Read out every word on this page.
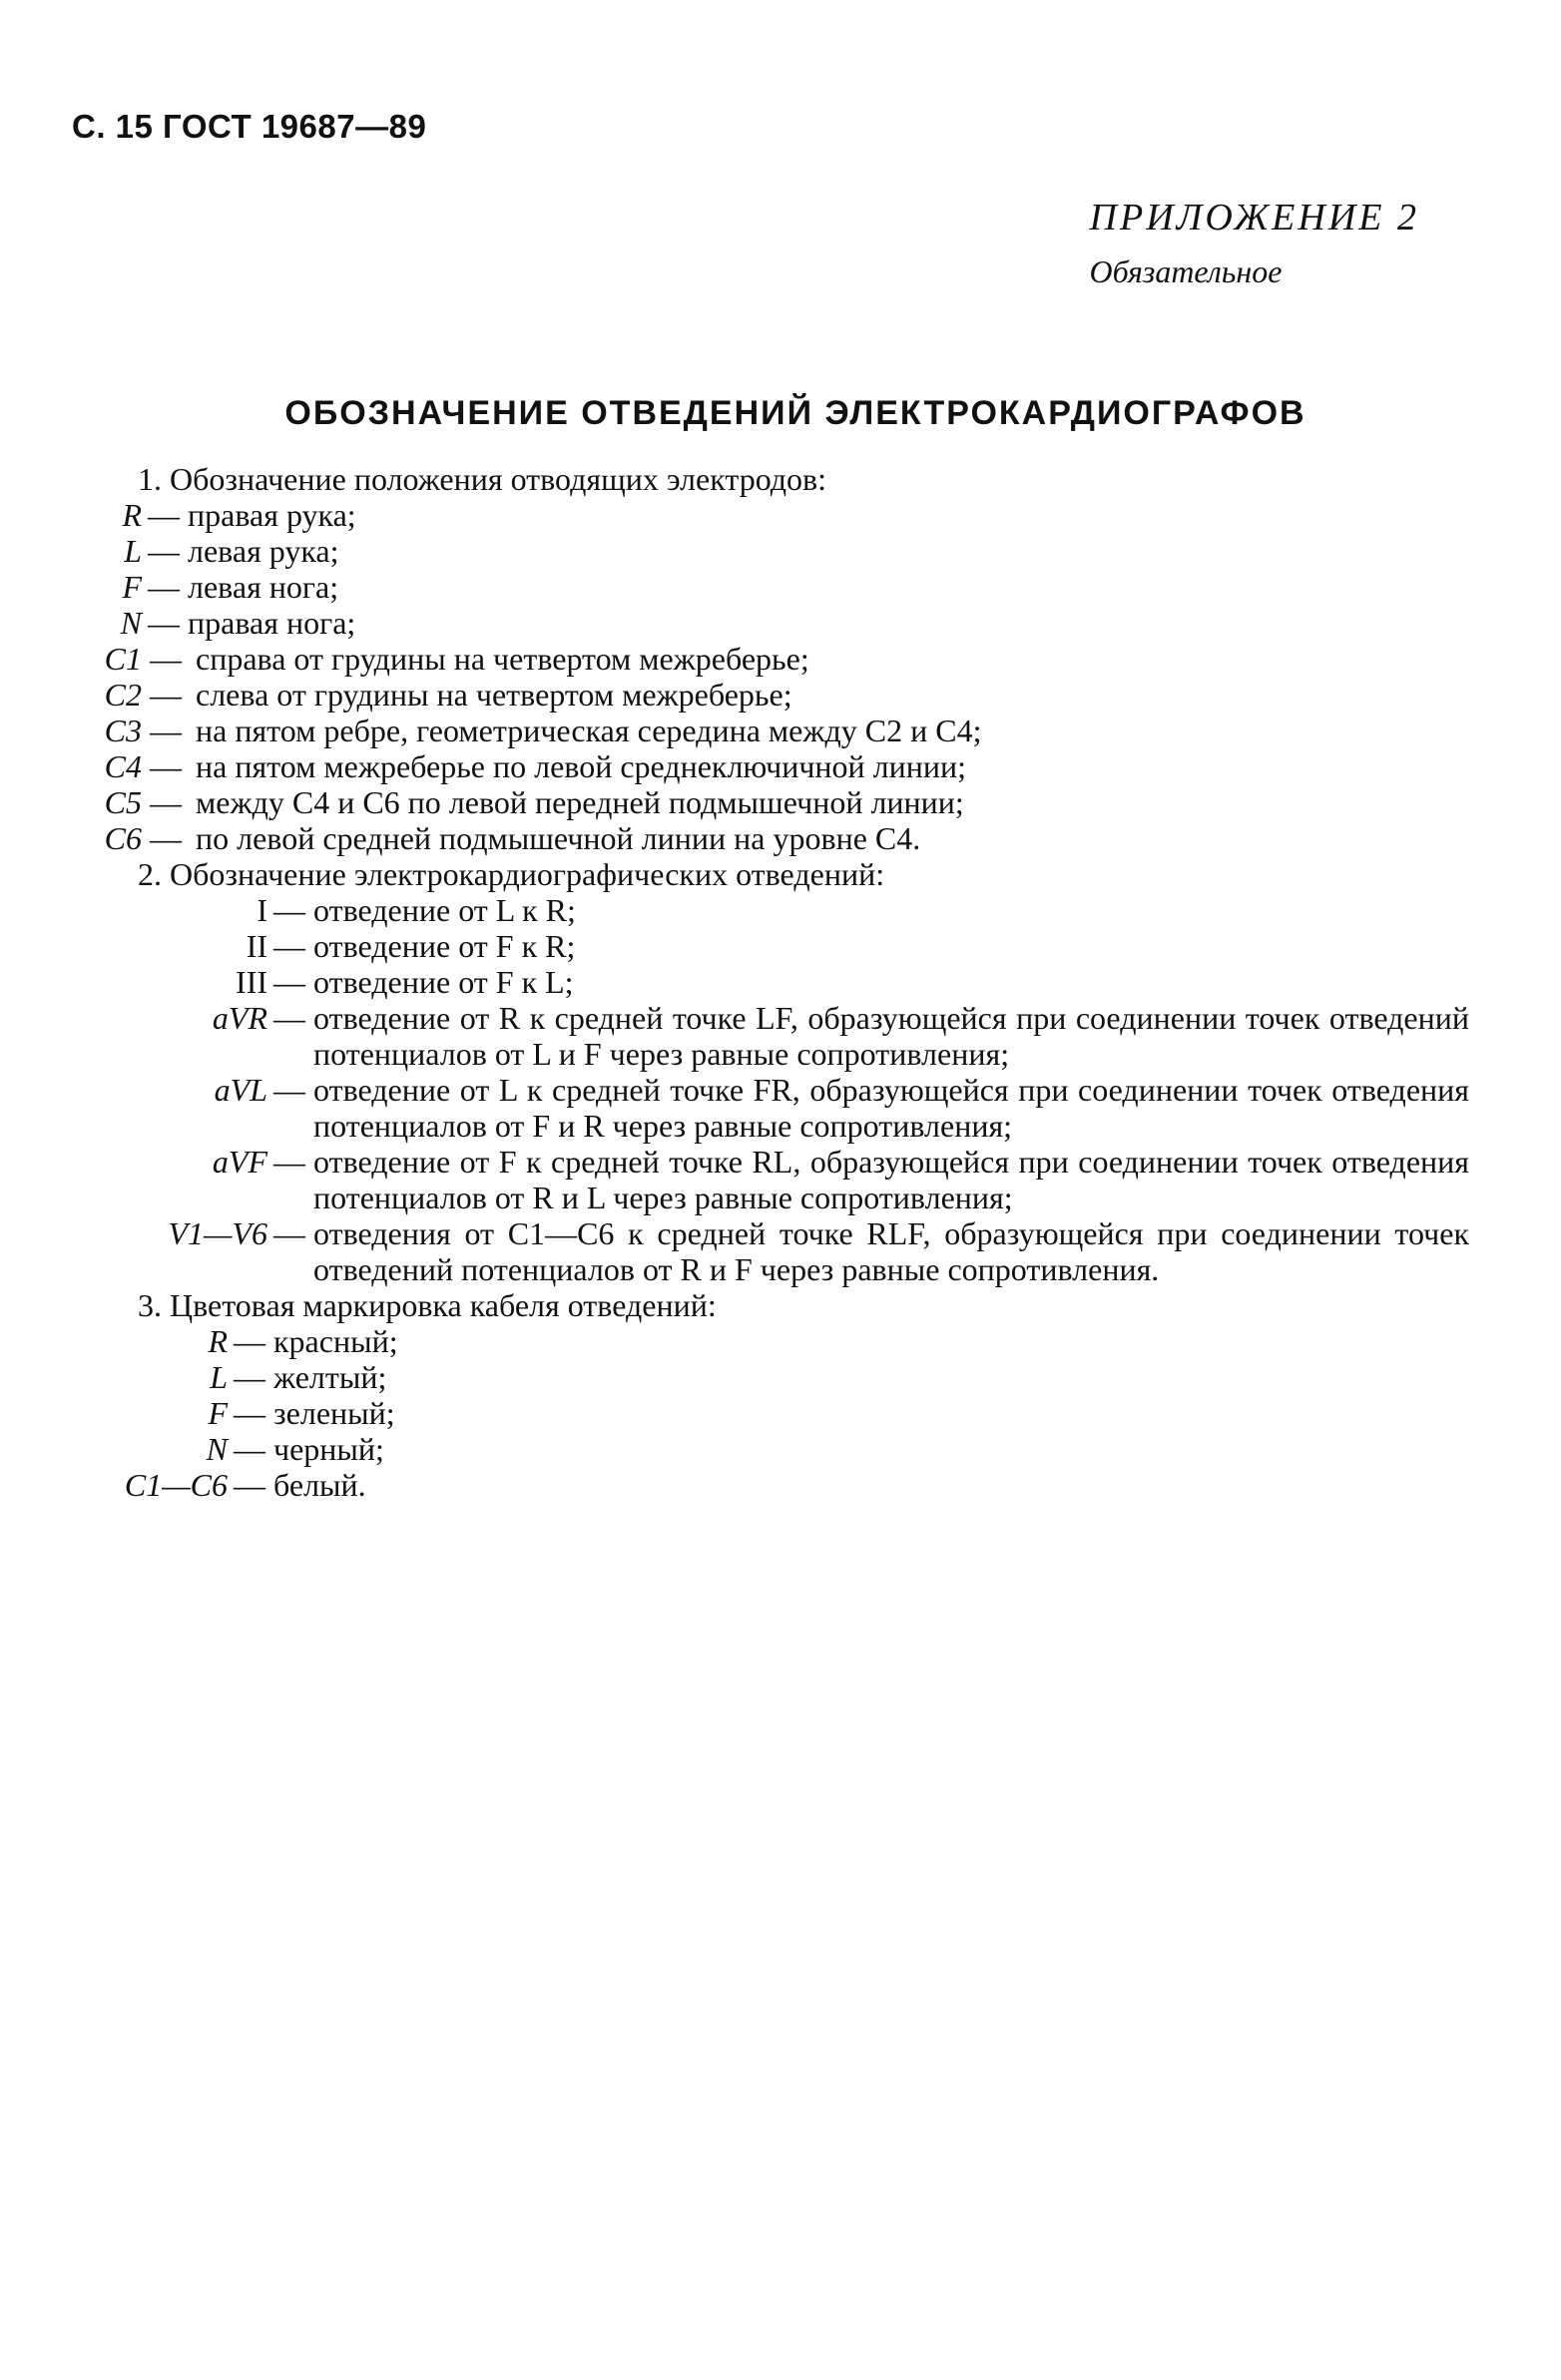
С. 15 ГОСТ 19687—89
ПРИЛОЖЕНИЕ 2
Обязательное
ОБОЗНАЧЕНИЕ ОТВЕДЕНИЙ ЭЛЕКТРОКАРДИОГРАФОВ
1. Обозначение положения отводящих электродов:
R — правая рука;
L — левая рука;
F — левая нога;
N — правая нога;
C1 — справа от грудины на четвертом межреберье;
C2 — слева от грудины на четвертом межреберье;
C3 — на пятом ребре, геометрическая середина между C2 и C4;
C4 — на пятом межреберье по левой среднеключичной линии;
C5 — между C4 и C6 по левой передней подмышечной линии;
C6 — по левой средней подмышечной линии на уровне C4.
2. Обозначение электрокардиографических отведений:
I — отведение от L к R;
II — отведение от F к R;
III — отведение от F к L;
aVR — отведение от R к средней точке LF, образующейся при соединении точек отведений потенциалов от L и F через равные сопротивления;
aVL — отведение от L к средней точке FR, образующейся при соединении точек отведения потенциалов от F и R через равные сопротивления;
aVF — отведение от F к средней точке RL, образующейся при соединении точек отведения потенциалов от R и L через равные сопротивления;
V1—V6 — отведения от C1—C6 к средней точке RLF, образующейся при соединении точек отведений потенциалов от R и F через равные сопротивления.
3. Цветовая маркировка кабеля отведений:
R — красный;
L — желтый;
F — зеленый;
N — черный;
C1—C6 — белый.
